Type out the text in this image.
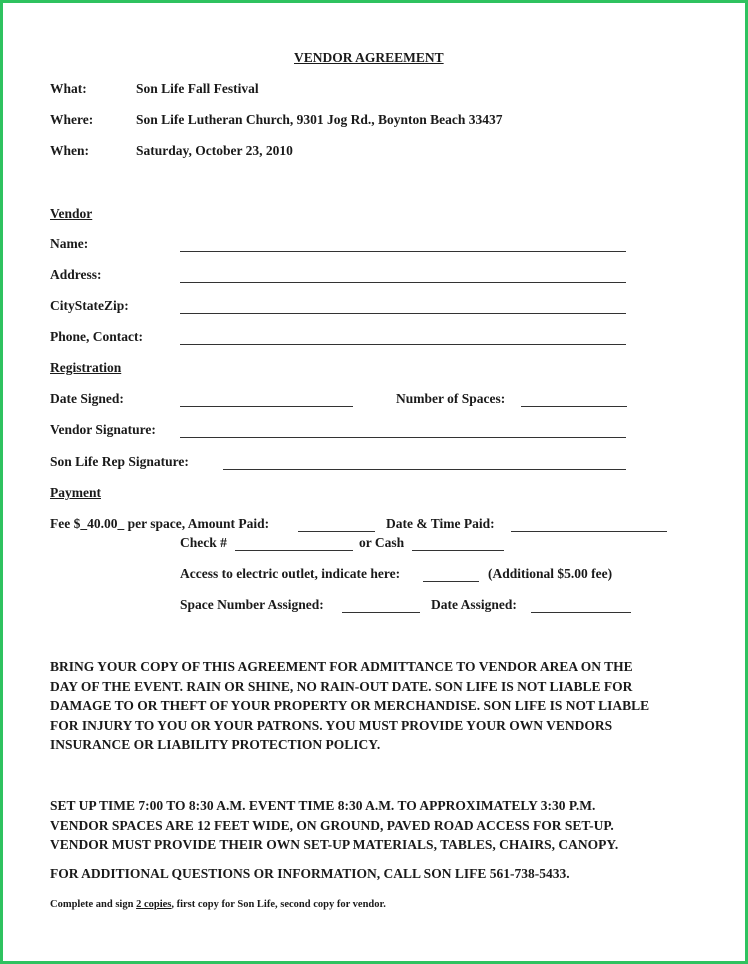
VENDOR AGREEMENT
What:	Son Life Fall Festival
Where:	Son Life Lutheran Church, 9301 Jog Rd., Boynton Beach 33437
When:	Saturday, October 23, 2010
Vendor
Name:
Address:
CityStateZip:
Phone, Contact:
Registration
Date Signed:	Number of Spaces:
Vendor Signature:
Son Life Rep Signature:
Payment
Fee $_40.00_ per space, Amount Paid:	Date & Time Paid:
Check #	or Cash
Access to electric outlet, indicate here:	(Additional $5.00 fee)
Space Number Assigned:	Date Assigned:
BRING YOUR COPY OF THIS AGREEMENT FOR ADMITTANCE TO VENDOR AREA ON THE
DAY OF THE EVENT. RAIN OR SHINE, NO RAIN-OUT DATE. SON LIFE IS NOT LIABLE FOR
DAMAGE TO OR THEFT OF YOUR PROPERTY OR MERCHANDISE. SON LIFE IS NOT LIABLE
FOR INJURY TO YOU OR YOUR PATRONS. YOU MUST PROVIDE YOUR OWN VENDORS
INSURANCE OR LIABILITY PROTECTION POLICY.
SET UP TIME 7:00 TO 8:30 A.M. EVENT TIME 8:30 A.M. TO APPROXIMATELY 3:30 P.M.
VENDOR SPACES ARE 12 FEET WIDE, ON GROUND, PAVED ROAD ACCESS FOR SET-UP.
VENDOR MUST PROVIDE THEIR OWN SET-UP MATERIALS, TABLES, CHAIRS, CANOPY.
FOR ADDITIONAL QUESTIONS OR INFORMATION, CALL SON LIFE 561-738-5433.
Complete and sign 2 copies, first copy for Son Life, second copy for vendor.
